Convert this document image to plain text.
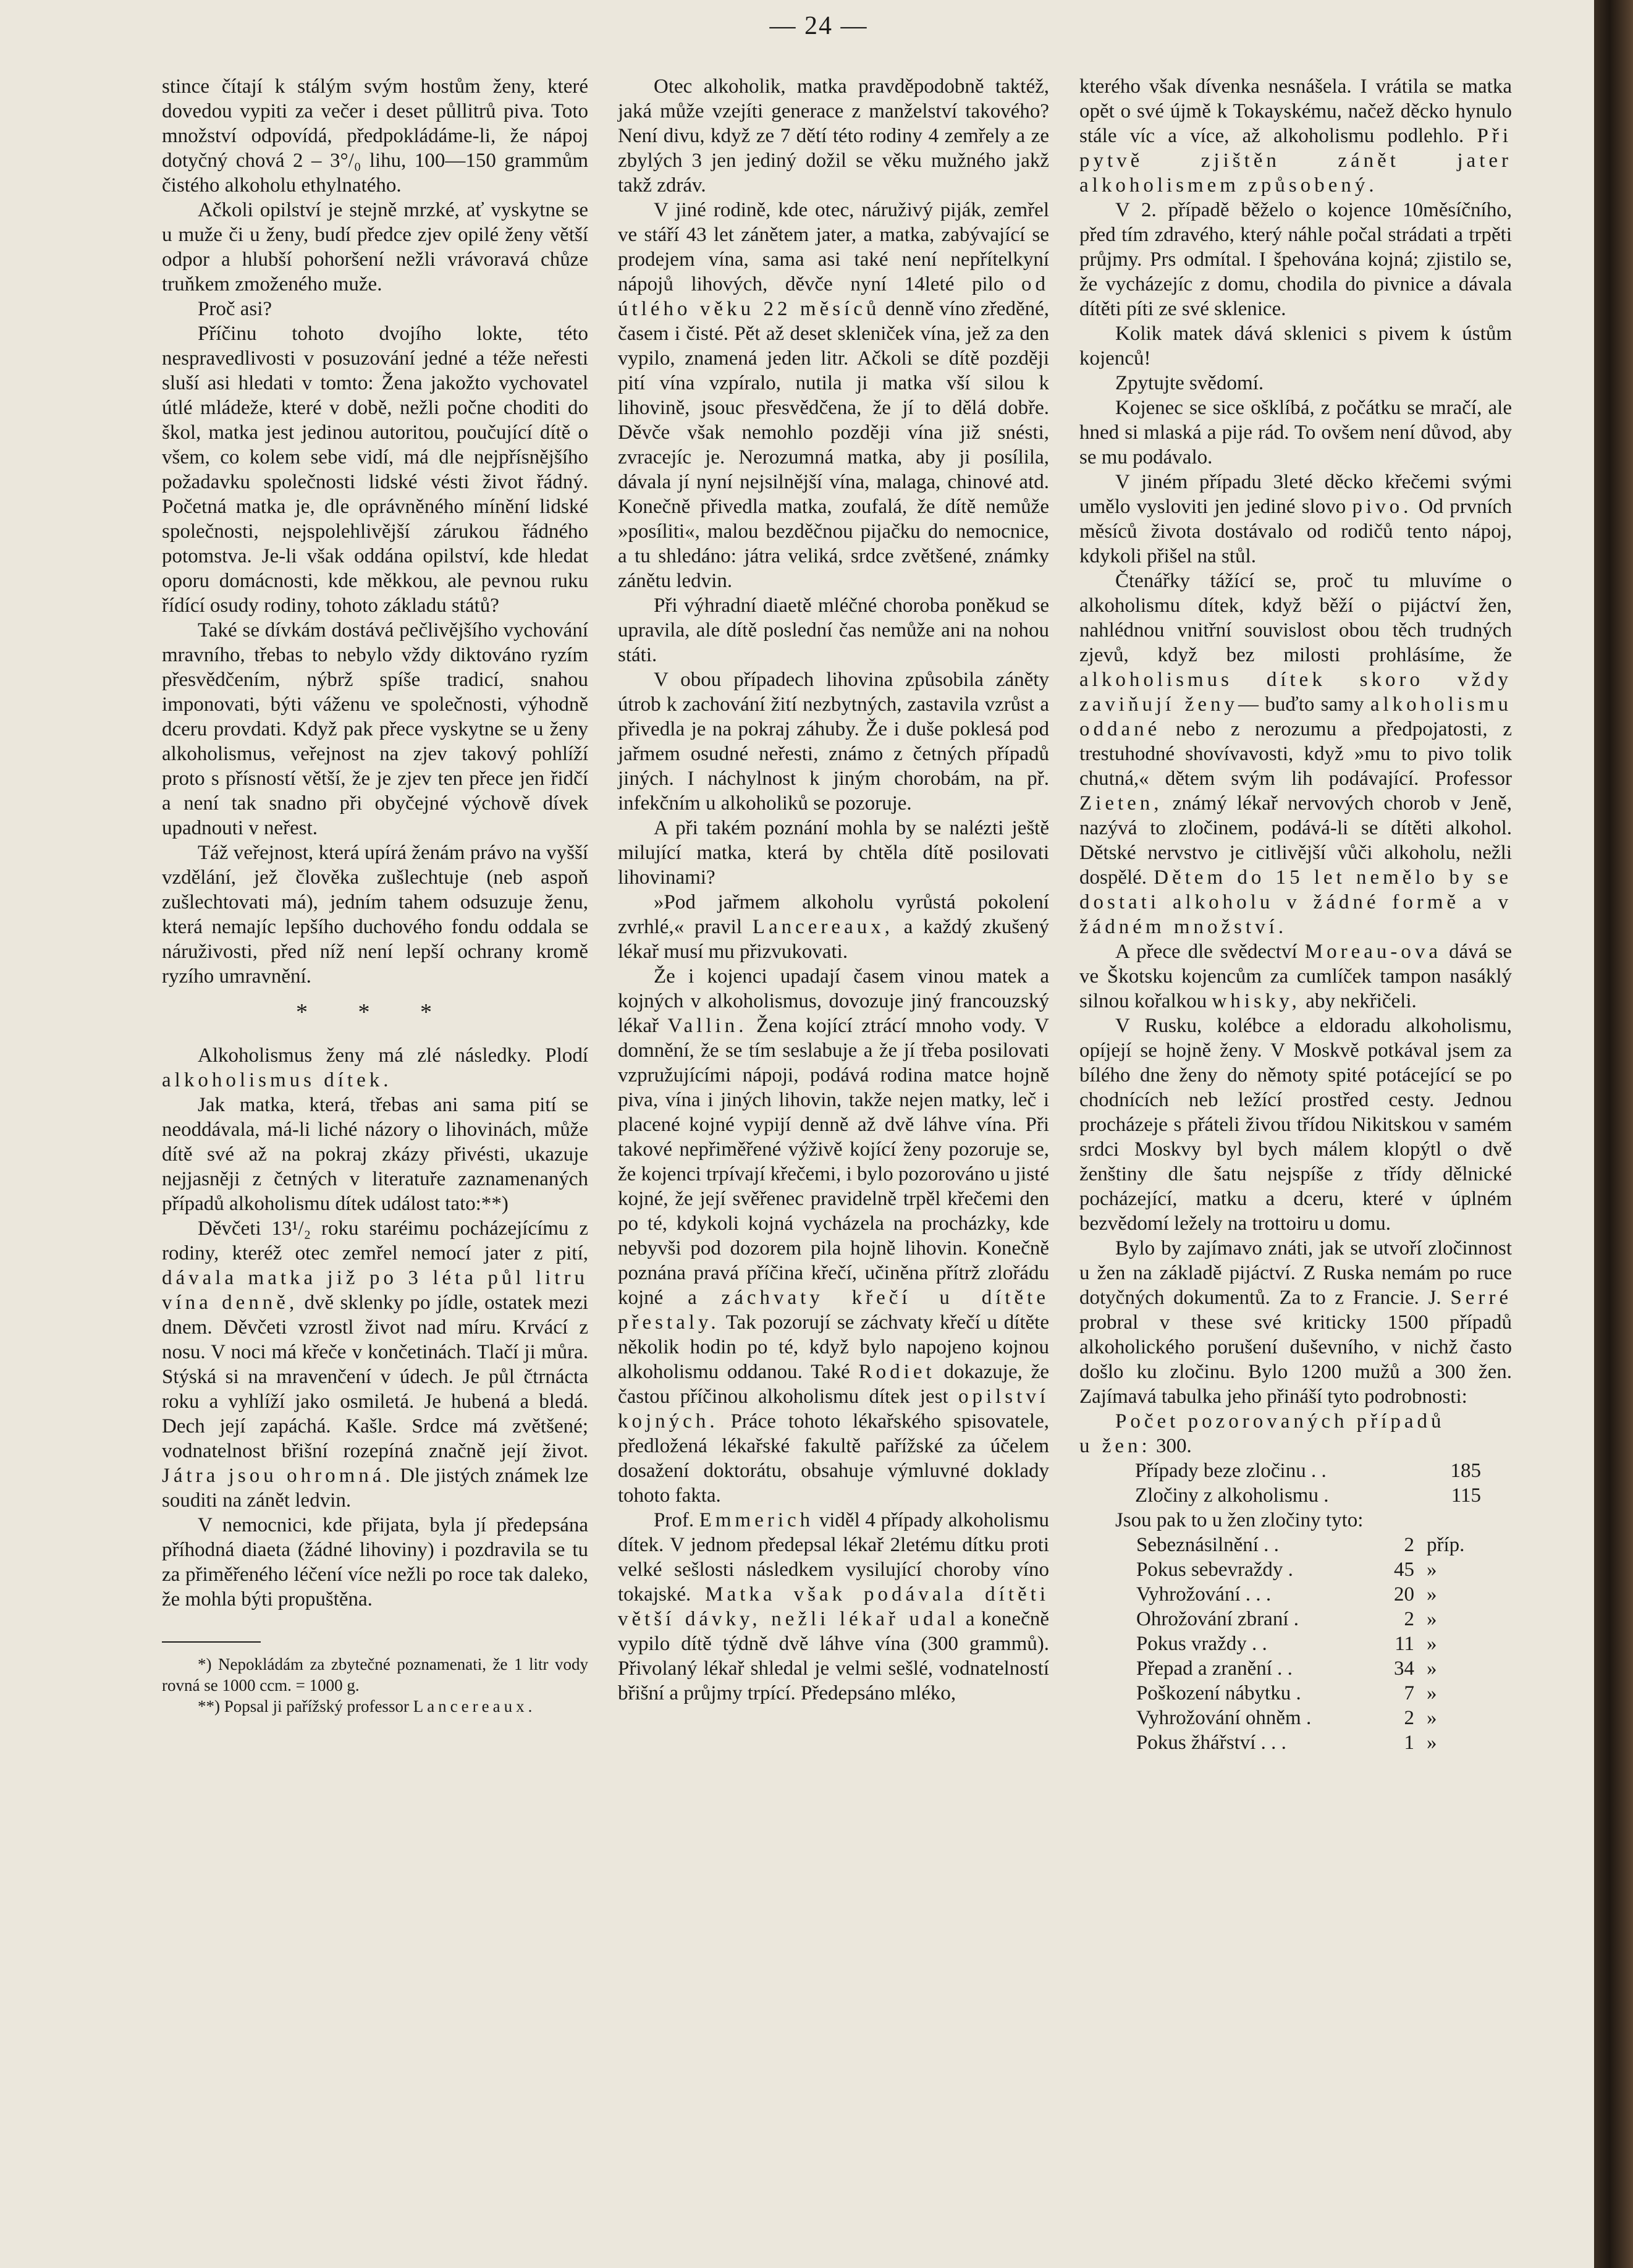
— 24 —

stince čítají k stálým svým hostům ženy, které dovedou vypiti za večer i deset půllitrů piva. Toto množství odpovídá, předpokládáme-li, že nápoj dotyčný chová 2 – 3°/₀ lihu, 100—150 grammům čistého alkoholu ethylnatého.

Ačkoli opilství je stejně mrzké, ať vyskytne se u muže či u ženy, budí předce zjev opilé ženy větší odpor a hlubší pohoršení nežli vrávoravá chůze truňkem zmoženého muže.

Proč asi?

Příčinu tohoto dvojího lokte, této nespravedlivosti v posuzování jedné a téže neřesti sluší asi hledati v tomto: Žena jakožto vychovatel útlé mládeže, které v době, nežli počne choditi do škol, matka jest jedinou autoritou, poučující dítě o všem, co kolem sebe vidí, má dle nejpřísnějšího požadavku společnosti lidské vésti život řádný. Početná matka je, dle oprávněného mínění lidské společnosti, nejspolehlivější zárukou řádného potomstva. Je-li však oddána opilství, kde hledat oporu domácnosti, kde měkkou, ale pevnou ruku řídící osudy rodiny, tohoto základu států?

Také se dívkám dostává pečlivějšího vychování mravního, třebas to nebylo vždy diktováno ryzím přesvědčením, nýbrž spíše tradicí, snahou imponovati, býti váženu ve společnosti, výhodně dceru provdati. Když pak přece vyskytne se u ženy alkoholismus, veřejnost na zjev takový pohlíží proto s přísností větší, že je zjev ten přece jen řidčí a není tak snadno při obyčejné výchově dívek upadnouti v neřest.

Táž veřejnost, která upírá ženám právo na vyšší vzdělání, jež člověka zušlechtuje (neb aspoň zušlechtovati má), jedním tahem odsuzuje ženu, která nemajíc lepšího duchového fondu oddala se náruživosti, před níž není lepší ochrany kromě ryzího umravnění.

* * *

Alkoholismus ženy má zlé následky. Plodí alkoholismus dítek.

Jak matka, která, třebas ani sama pití se neoddávala, má-li liché názory o lihovinách, může dítě své až na pokraj zkázy přivésti, ukazuje nejjasněji z četných v literatuře zaznamenaných případů alkoholismu dítek událost tato:**)

Děvčeti 13¹/₂ roku staréimu pocházejícímu z rodiny, kteréž otec zemřel nemocí jater z pití, dávala matka již po 3 léta půl litru vína denně, dvě sklenky po jídle, ostatek mezi dnem. Děvčeti vzrostl život nad míru. Krvácí z nosu. V noci má křeče v končetinách. Tlačí ji můra. Stýská si na mravenčení v údech. Je půl čtrnácta roku a vyhlíží jako osmiletá. Je hubená a bledá. Dech její zapáchá. Kašle. Srdce má zvětšené; vodnatelnost břišní rozepíná značně její život. Játra jsou ohromná. Dle jistých známek lze souditi na zánět ledvin.

V nemocnici, kde přijata, byla jí předepsána příhodná diaeta (žádné lihoviny) i pozdravila se tu za přiměřeného léčení více nežli po roce tak daleko, že mohla býti propuštěna.

*) Nepokládám za zbytečné poznamenati, že 1 litr vody rovná se 1000 ccm. = 1000 g.

**) Popsal ji pařížský professor Lancereaux.

Otec alkoholik, matka pravděpodobně taktéž, jaká může vzejíti generace z manželství takového? Není divu, když ze 7 dětí této rodiny 4 zemřely a ze zbylých 3 jen jediný dožil se věku mužného jakž takž zdráv.

V jiné rodině, kde otec, náruživý piják, zemřel ve stáří 43 let zánětem jater, a matka, zabývající se prodejem vína, sama asi také není nepřítelkyní nápojů lihových, děvče nyní 14leté pilo od útlého věku 22 měsíců denně víno zředěné, časem i čisté. Pět až deset skleniček vína, jež za den vypilo, znamená jeden litr. Ačkoli se dítě později pití vína vzpíralo, nutila ji matka vší silou k lihovině, jsouc přesvědčena, že jí to dělá dobře. Děvče však nemohlo později vína již snésti, zvracejíc je. Nerozumná matka, aby ji posílila, dávala jí nyní nejsilnější vína, malaga, chinové atd. Konečně přivedla matka, zoufalá, že dítě nemůže »posíliti«, malou bezděčnou pijačku do nemocnice, a tu shledáno: játra veliká, srdce zvětšené, známky zánětu ledvin.

Při výhradní diaetě mléčné choroba poněkud se upravila, ale dítě poslední čas nemůže ani na nohou státi.

V obou případech lihovina způsobila záněty útrob k zachování žití nezbytných, zastavila vzrůst a přivedla je na pokraj záhuby. Že i duše poklesá pod jařmem osudné neřesti, známo z četných případů jiných. I náchylnost k jiným chorobám, na př. infekčním u alkoholiků se pozoruje.

A při takém poznání mohla by se nalézti ještě milující matka, která by chtěla dítě posilovati lihovinami?

»Pod jařmem alkoholu vyrůstá pokolení zvrhlé,« pravil Lancereaux, a každý zkušený lékař musí mu přizvukovati.

Že i kojenci upadají časem vinou matek a kojných v alkoholismus, dovozuje jiný francouzský lékař Vallin. Žena kojící ztrácí mnoho vody. V domnění, že se tím seslabuje a že jí třeba posilovati vzpružujícími nápoji, podává rodina matce hojně piva, vína i jiných lihovin, takže nejen matky, leč i placené kojné vypijí denně až dvě láhve vína. Při takové nepřiměřené výživě kojící ženy pozoruje se, že kojenci trpívají křečemi, i bylo pozorováno u jisté kojné, že její svěřenec pravidelně trpěl křečemi den po té, kdykoli kojná vycházela na procházky, kde nebyvši pod dozorem pila hojně lihovin. Konečně poznána pravá příčina křečí, učiněna přítrž zlořádu kojné a záchvaty křečí u dítěte přestaly. Tak pozorují se záchvaty křečí u dítěte několik hodin po té, když bylo napojeno kojnou alkoholismu oddanou. Také Rodiet dokazuje, že častou příčinou alkoholismu dítek jest opilství kojných. Práce tohoto lékařského spisovatele, předložená lékařské fakultě pařížské za účelem dosažení doktorátu, obsahuje výmluvné doklady tohoto fakta.

Prof. Emmerich viděl 4 případy alkoholismu dítek. V jednom předepsal lékař 2letému dítku proti velké sešlosti následkem vysilující choroby víno tokajské. Matka však podávala dítěti větší dávky, nežli lékař udal a konečně vypilo dítě týdně dvě láhve vína (300 grammů). Přivolaný lékař shledal je velmi sešlé, vodnatelností břišní a průjmy trpící. Předepsáno mléko,

kterého však dívenka nesnášela. I vrátila se matka opět o své újmě k Tokayskému, načež děcko hynulo stále víc a více, až alkoholismu podlehlo. Při pytvě zjištěn zánět jater alkoholismem způsobený.

V 2. případě běželo o kojence 10měsíčního, před tím zdravého, který náhle počal strádati a trpěti průjmy. Prs odmítal. I špehována kojná; zjistilo se, že vycházejíc z domu, chodila do pivnice a dávala dítěti píti ze své sklenice.

Kolik matek dává sklenici s pivem k ústům kojenců!

Zpytujte svědomí.

Kojenec se sice ošklíbá, z počátku se mračí, ale hned si mlaská a pije rád. To ovšem není důvod, aby se mu podávalo.

V jiném případu 3leté děcko křečemi svými umělo vysloviti jen jediné slovo pivo. Od prvních měsíců života dostávalo od rodičů tento nápoj, kdykoli přišel na stůl.

Čtenářky tážící se, proč tu mluvíme o alkoholismu dítek, když běží o pijáctví žen, nahlédnou vnitřní souvislost obou těch trudných zjevů, když bez milosti prohlásíme, že alkoholismus dítek skoro vždy zaviňují ženy— buďto samy alkoholismu oddané nebo z nerozumu a předpojatosti, z trestuhodné shovívavosti, když »mu to pivo tolik chutná,« dětem svým lih podávající. Professor Zieten, známý lékař nervových chorob v Jeně, nazývá to zločinem, podává-li se dítěti alkohol. Dětské nervstvo je citlivější vůči alkoholu, nežli dospělé. Dětem do 15 let nemělo by se dostati alkoholu v žádné formě a v žádném množství.

A přece dle svědectví Moreau-ova dává se ve Škotsku kojencům za cumlíček tampon nasáklý silnou kořalkou whisky, aby nekřičeli.

V Rusku, kolébce a eldoradu alkoholismu, opíjejí se hojně ženy. V Moskvě potkával jsem za bílého dne ženy do němoty spité potácející se po chodnících neb ležící prostřed cesty. Jednou procházeje s přáteli živou třídou Nikitskou v samém srdci Moskvy byl bych málem klopýtl o dvě ženštiny dle šatu nejspíše z třídy dělnické pocházející, matku a dceru, které v úplném bezvědomí ležely na trottoiru u domu.

Bylo by zajímavo znáti, jak se utvoří zločinnost u žen na základě pijáctví. Z Ruska nemám po ruce dotyčných dokumentů. Za to z Francie. J. Serré probral v these své kriticky 1500 případů alkoholického porušení duševního, v nichž často došlo ku zločinu. Bylo 1200 mužů a 300 žen. Zajímavá tabulka jeho přináší tyto podrobnosti:

Počet pozorovaných případů
u žen: 300.

Případy beze zločinu . .	185
Zločiny z alkoholismu .	115

Jsou pak to u žen zločiny tyto:

Sebeznásilnění . .	2 příp.
Pokus sebevraždy .	45 »
Vyhrožování . . .	20 »
Ohrožování zbraní .	2 »
Pokus vraždy . .	11 »
Přepad a zranění . .	34 »
Poškození nábytku .	7 »
Vyhrožování ohněm .	2 »
Pokus žhářství . . .	1 »
